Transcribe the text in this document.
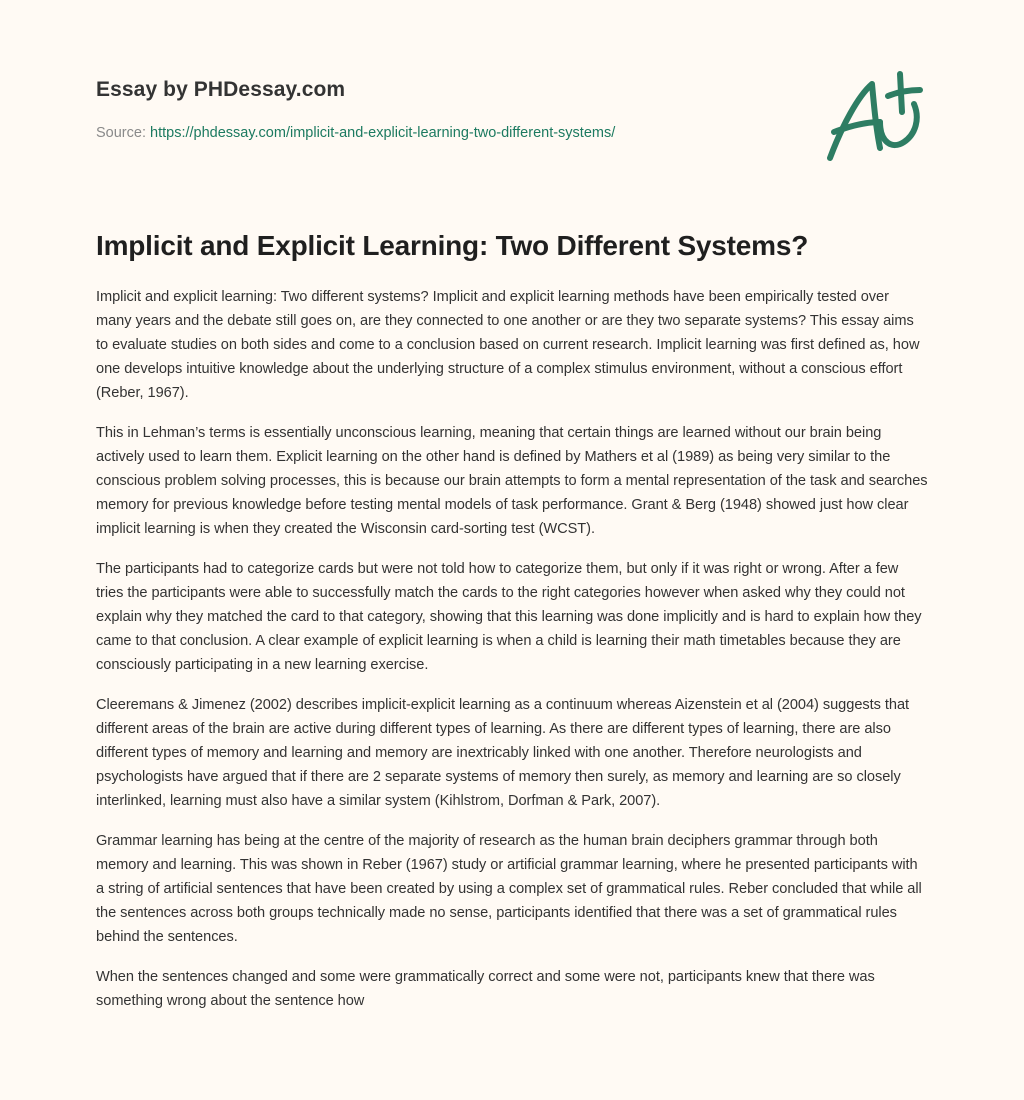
Essay by PHDessay.com
Source: https://phdessay.com/implicit-and-explicit-learning-two-different-systems/
Implicit and Explicit Learning: Two Different Systems?

Implicit and explicit learning: Two different systems? Implicit and explicit learning methods have been empirically tested over many years and the debate still goes on, are they connected to one another or are they two separate systems? This essay aims to evaluate studies on both sides and come to a conclusion based on current research. Implicit learning was first defined as, how one develops intuitive knowledge about the underlying structure of a complex stimulus environment, without a conscious effort (Reber, 1967).

This in Lehman’s terms is essentially unconscious learning, meaning that certain things are learned without our brain being actively used to learn them. Explicit learning on the other hand is defined by Mathers et al (1989) as being very similar to the conscious problem solving processes, this is because our brain attempts to form a mental representation of the task and searches memory for previous knowledge before testing mental models of task performance. Grant & Berg (1948) showed just how clear implicit learning is when they created the Wisconsin card-sorting test (WCST).

The participants had to categorize cards but were not told how to categorize them, but only if it was right or wrong. After a few tries the participants were able to successfully match the cards to the right categories however when asked why they could not explain why they matched the card to that category, showing that this learning was done implicitly and is hard to explain how they came to that conclusion. A clear example of explicit learning is when a child is learning their math timetables because they are consciously participating in a new learning exercise.

Cleeremans & Jimenez (2002) describes implicit-explicit learning as a continuum whereas Aizenstein et al (2004) suggests that different areas of the brain are active during different types of learning. As there are different types of learning, there are also different types of memory and learning and memory are inextricably linked with one another. Therefore neurologists and psychologists have argued that if there are 2 separate systems of memory then surely, as memory and learning are so closely interlinked, learning must also have a similar system (Kihlstrom, Dorfman & Park, 2007).

Grammar learning has being at the centre of the majority of research as the human brain deciphers grammar through both memory and learning. This was shown in Reber (1967) study or artificial grammar learning, where he presented participants with a string of artificial sentences that have been created by using a complex set of grammatical rules. Reber concluded that while all the sentences across both groups technically made no sense, participants identified that there was a set of grammatical rules behind the sentences.

When the sentences changed and some were grammatically correct and some were not, participants knew that there was something wrong about the sentence how
